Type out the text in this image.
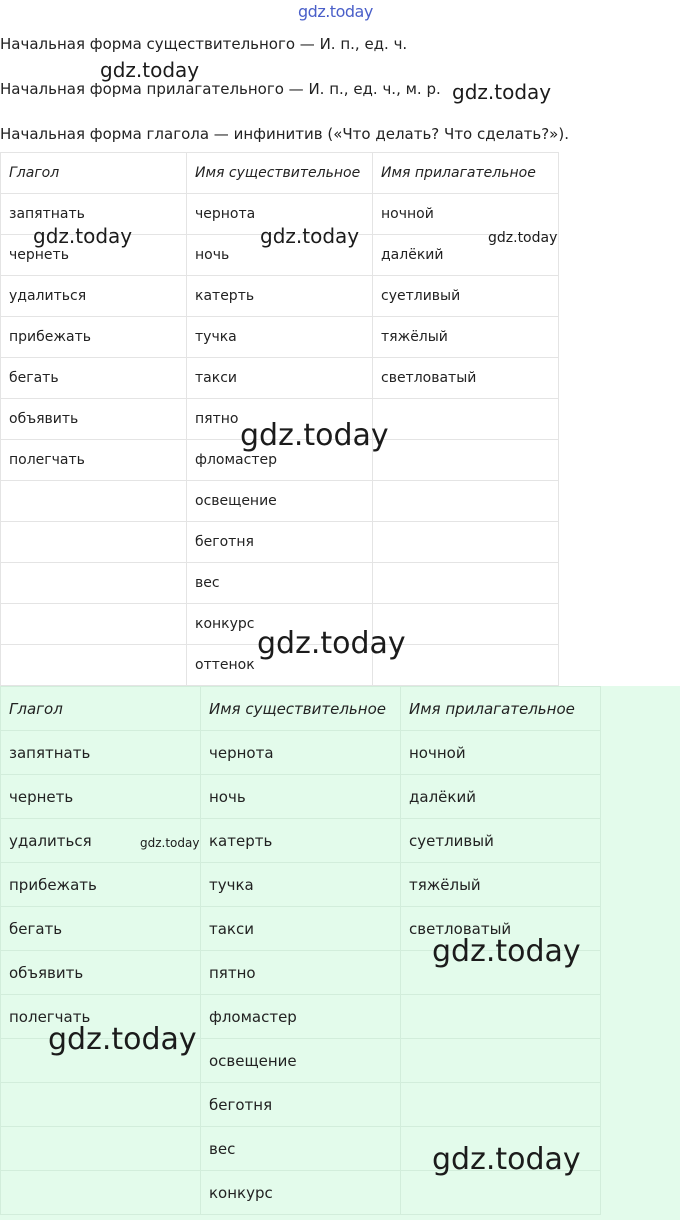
gdz.today
Начальная форма существительного — И. п., ед. ч.
Начальная форма прилагательного — И. п., ед. ч., м. р.
Начальная форма глагола — инфинитив («Что делать? Что сделать?»).
Глагол	Имя существительное	Имя прилагательное
запятнать	чернота	ночной
чернеть	ночь	далёкий
удалиться	катерть	суетливый
прибежать	тучка	тяжёлый
бегать	такси	светловатый
объявить	пятно	
полегчать	фломастер	
	освещение	
	беготня	
	вес	
	конкурс	
	оттенок	
Глагол	Имя существительное	Имя прилагательное
запятнать	чернота	ночной
чернеть	ночь	далёкий
удалиться	катерть	суетливый
прибежать	тучка	тяжёлый
бегать	такси	светловатый
объявить	пятно	
полегчать	фломастер	
	освещение	
	беготня	
	вес	
	конкурс	
gdz.today
gdz.today
gdz.today	gdz.today	gdz.today
gdz.today
gdz.today
gdz.today
gdz.today
gdz.today
gdz.today
